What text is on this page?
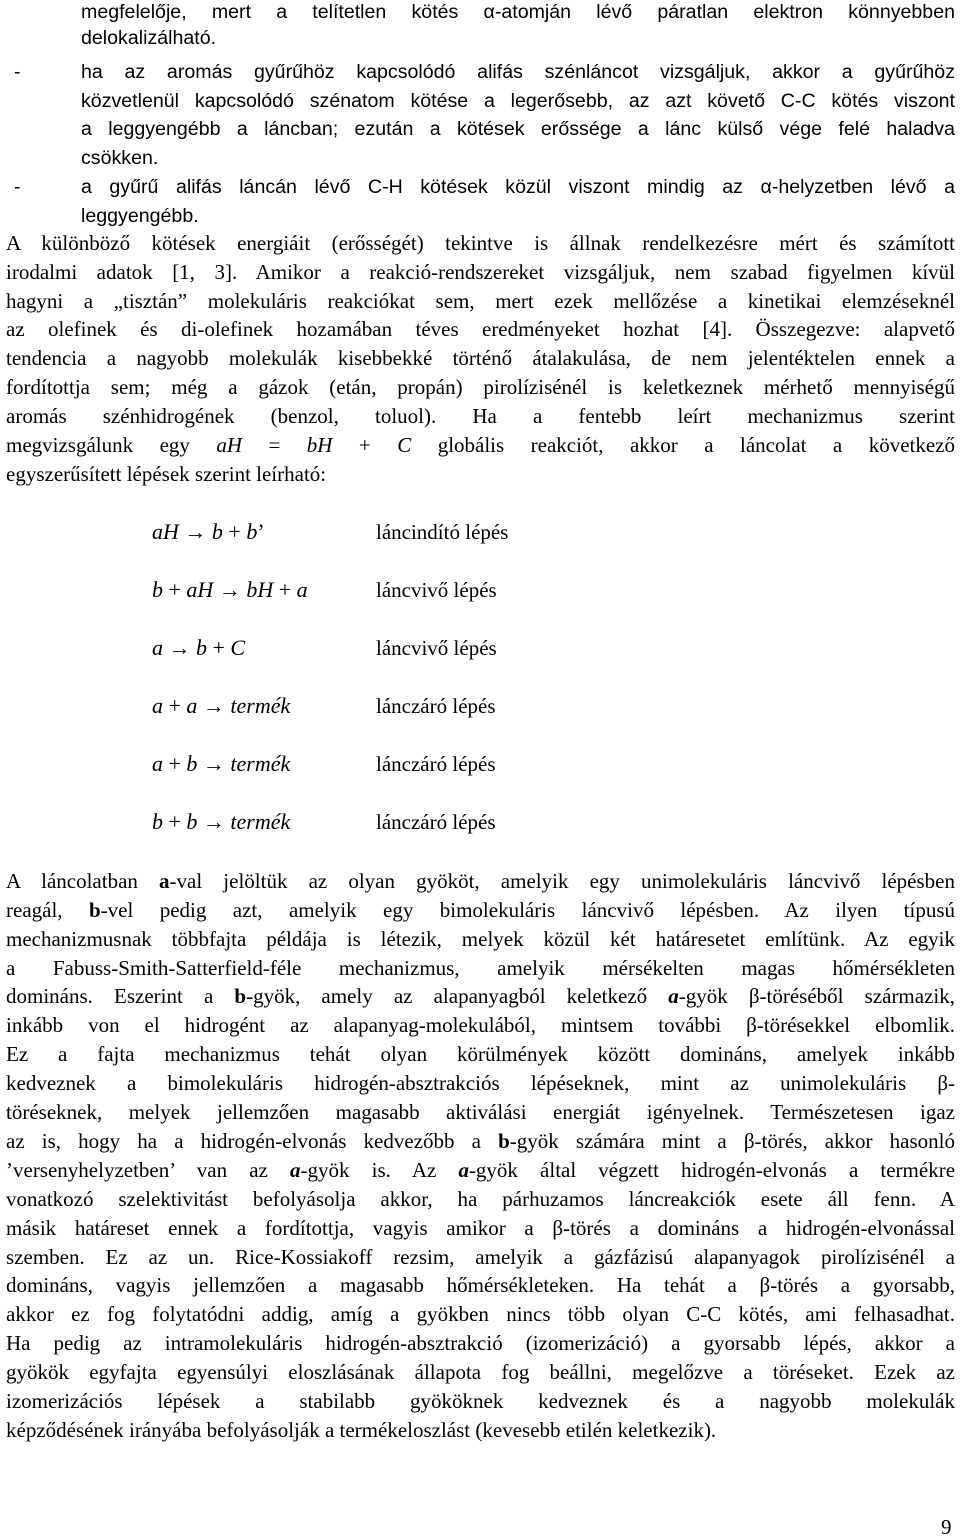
megfelelője, mert a telítetlen kötés α-atomján lévő páratlan elektron könnyebben
delokalizálható.
-	ha az aromás gyűrűhöz kapcsolódó alifás szénláncot vizsgáljuk, akkor a gyűrűhöz
közvetlenül kapcsolódó szénatom kötése a legerősebb, az azt követő C-C kötés viszont
a leggyengébb a láncban; ezután a kötések erőssége a lánc külső vége felé haladva
csökken.
-	a gyűrű alifás láncán lévő C-H kötések közül viszont mindig az α-helyzetben lévő a
leggyengébb.
A különböző kötések energiáit (erősségét) tekintve is állnak rendelkezésre mért és számított
irodalmi adatok [1, 3]. Amikor a reakció-rendszereket vizsgáljuk, nem szabad figyelmen kívül
hagyni a „tisztán” molekuláris reakciókat sem, mert ezek mellőzése a kinetikai elemzéseknél
az olefinek és di-olefinek hozamában téves eredményeket hozhat [4]. Összegezve: alapvető
tendencia a nagyobb molekulák kisebbekké történő átalakulása, de nem jelentéktelen ennek a
fordítottja sem; még a gázok (etán, propán) pirolízisénél is keletkeznek mérhető mennyiségű
aromás szénhidrogének (benzol, toluol). Ha a fentebb leírt mechanizmus szerint
megvizsgálunk egy aH = bH + C globális reakciót, akkor a láncolat a következő
egyszerűsített lépések szerint leírható:
aH → b + b’	láncindító lépés
b + aH → bH + a	láncvivő lépés
a → b + C	láncvivő lépés
a + a → termék	lánczáró lépés
a + b → termék	lánczáró lépés
b + b → termék	lánczáró lépés
A láncolatban a-val jelöltük az olyan gyököt, amelyik egy unimolekuláris láncvivő lépésben
reagál, b-vel pedig azt, amelyik egy bimolekuláris láncvivő lépésben. Az ilyen típusú
mechanizmusnak többfajta példája is létezik, melyek közül két határesetet említünk. Az egyik
a Fabuss-Smith-Satterfield-féle mechanizmus, amelyik mérsékelten magas hőmérsékleten
domináns. Eszerint a b-gyök, amely az alapanyagból keletkező a-gyök β-töréséből származik,
inkább von el hidrogént az alapanyag-molekulából, mintsem további β-törésekkel elbomlik.
Ez a fajta mechanizmus tehát olyan körülmények között domináns, amelyek inkább
kedveznek a bimolekuláris hidrogén-absztrakciós lépéseknek, mint az unimolekuláris β-
töréseknek, melyek jellemzően magasabb aktiválási energiát igényelnek. Természetesen igaz
az is, hogy ha a hidrogén-elvonás kedvezőbb a b-gyök számára mint a β-törés, akkor hasonló
’versenyhelyzetben’ van az a-gyök is. Az a-gyök által végzett hidrogén-elvonás a termékre
vonatkozó szelektivitást befolyásolja akkor, ha párhuzamos láncreakciók esete áll fenn. A
másik határeset ennek a fordítottja, vagyis amikor a β-törés a domináns a hidrogén-elvonással
szemben. Ez az un. Rice-Kossiakoff rezsim, amelyik a gázfázisú alapanyagok pirolízisénél a
domináns, vagyis jellemzően a magasabb hőmérsékleteken. Ha tehát a β-törés a gyorsabb,
akkor ez fog folytatódni addig, amíg a gyökben nincs több olyan C-C kötés, ami felhasadhat.
Ha pedig az intramolekuláris hidrogén-absztrakció (izomerizáció) a gyorsabb lépés, akkor a
gyökök egyfajta egyensúlyi eloszlásának állapota fog beállni, megelőzve a töréseket. Ezek az
izomerizációs lépések a stabilabb gyököknek kedveznek és a nagyobb molekulák
képződésének irányába befolyásolják a termékeloszlást (kevesebb etilén keletkezik).
9
